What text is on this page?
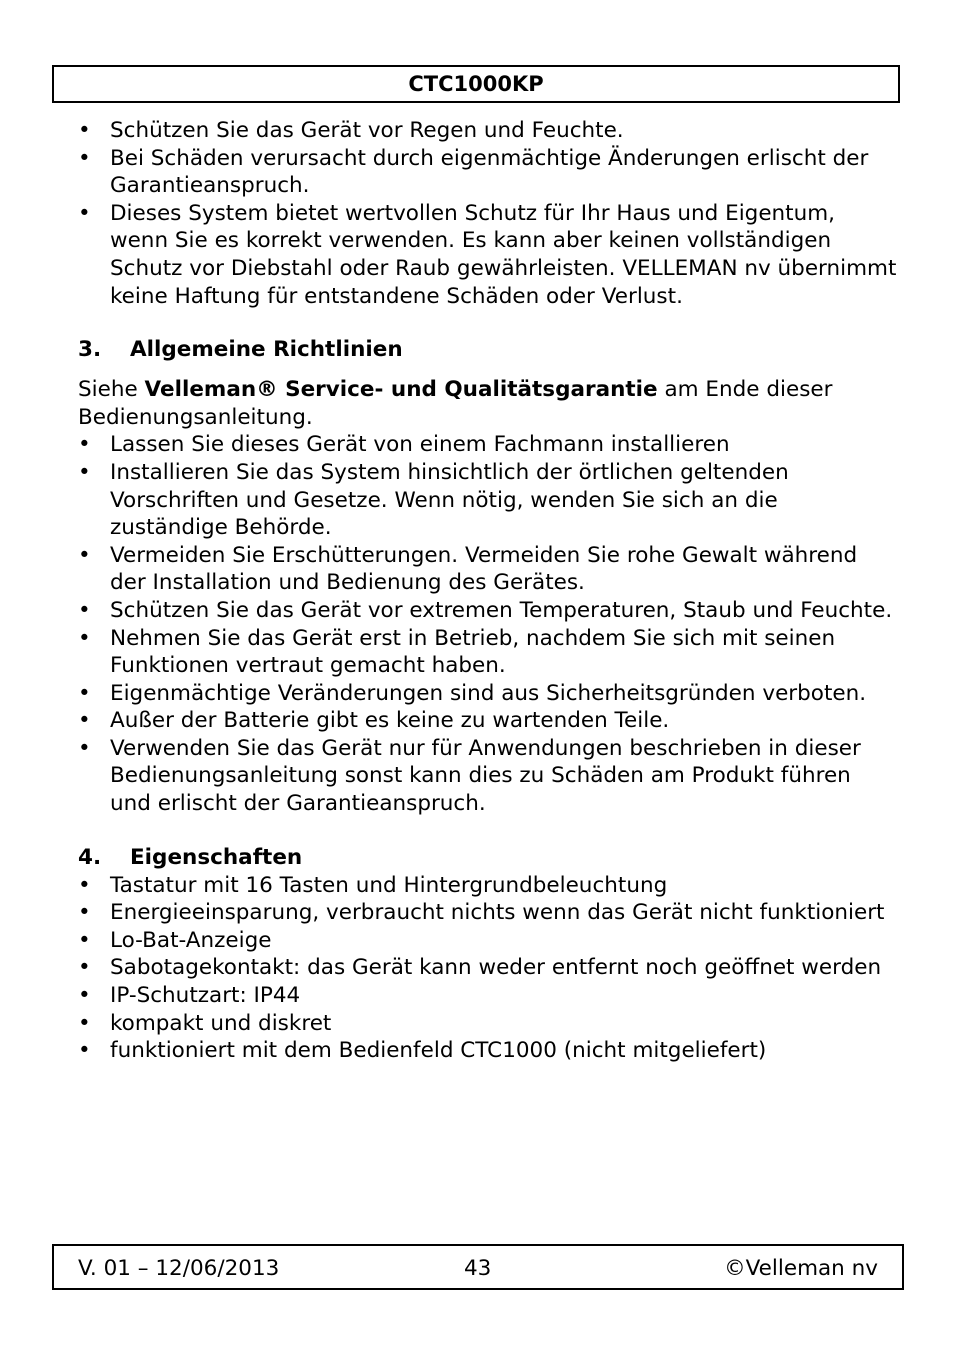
CTC1000KP
• Schützen Sie das Gerät vor Regen und Feuchte.
• Bei Schäden verursacht durch eigenmächtige Änderungen erlischt der Garantieanspruch.
• Dieses System bietet wertvollen Schutz für Ihr Haus und Eigentum, wenn Sie es korrekt verwenden. Es kann aber keinen vollständigen Schutz vor Diebstahl oder Raub gewährleisten. VELLEMAN nv übernimmt keine Haftung für entstandene Schäden oder Verlust.
3.	Allgemeine Richtlinien
Siehe Velleman® Service- und Qualitätsgarantie am Ende dieser Bedienungsanleitung.
• Lassen Sie dieses Gerät von einem Fachmann installieren
• Installieren Sie das System hinsichtlich der örtlichen geltenden Vorschriften und Gesetze. Wenn nötig, wenden Sie sich an die zuständige Behörde.
• Vermeiden Sie Erschütterungen. Vermeiden Sie rohe Gewalt während der Installation und Bedienung des Gerätes.
• Schützen Sie das Gerät vor extremen Temperaturen, Staub und Feuchte.
• Nehmen Sie das Gerät erst in Betrieb, nachdem Sie sich mit seinen Funktionen vertraut gemacht haben.
• Eigenmächtige Veränderungen sind aus Sicherheitsgründen verboten.
• Außer der Batterie gibt es keine zu wartenden Teile.
• Verwenden Sie das Gerät nur für Anwendungen beschrieben in dieser Bedienungsanleitung sonst kann dies zu Schäden am Produkt führen und erlischt der Garantieanspruch.
4.	Eigenschaften
• Tastatur mit 16 Tasten und Hintergrundbeleuchtung
• Energieeinsparung, verbraucht nichts wenn das Gerät nicht funktioniert
• Lo-Bat-Anzeige
• Sabotagekontakt: das Gerät kann weder entfernt noch geöffnet werden
• IP-Schutzart: IP44
• kompakt und diskret
• funktioniert mit dem Bedienfeld CTC1000 (nicht mitgeliefert)
V. 01 – 12/06/2013	43	©Velleman nv
